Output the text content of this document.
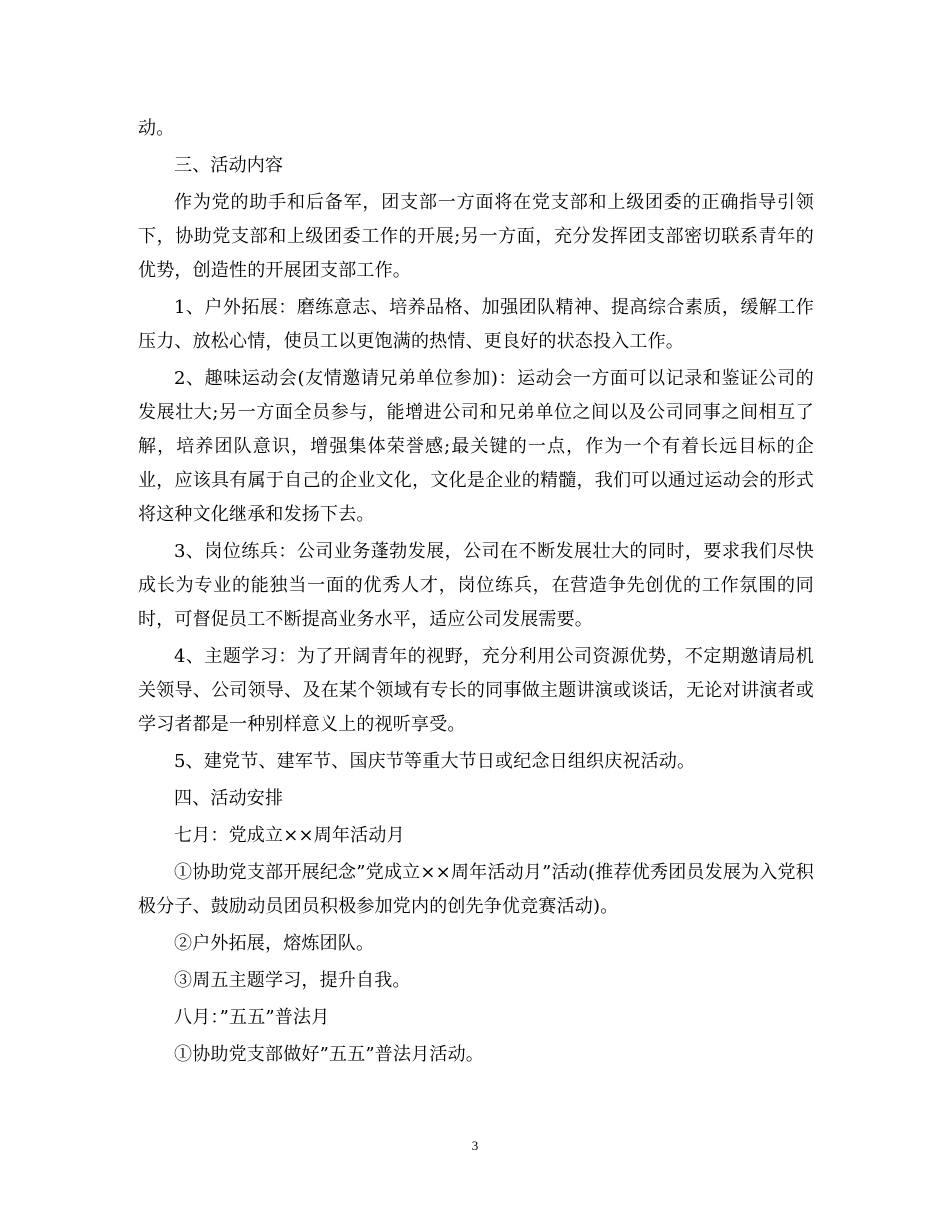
动。

三、活动内容

作为党的助手和后备军，团支部一方面将在党支部和上级团委的正确指导引领下，协助党支部和上级团委工作的开展;另一方面，充分发挥团支部密切联系青年的优势，创造性的开展团支部工作。

1、户外拓展：磨练意志、培养品格、加强团队精神、提高综合素质，缓解工作压力、放松心情，使员工以更饱满的热情、更良好的状态投入工作。

2、趣味运动会(友情邀请兄弟单位参加)：运动会一方面可以记录和鉴证公司的发展壮大;另一方面全员参与，能增进公司和兄弟单位之间以及公司同事之间相互了解，培养团队意识，增强集体荣誉感;最关键的一点，作为一个有着长远目标的企业，应该具有属于自己的企业文化，文化是企业的精髓，我们可以通过运动会的形式将这种文化继承和发扬下去。

3、岗位练兵：公司业务蓬勃发展，公司在不断发展壮大的同时，要求我们尽快成长为专业的能独当一面的优秀人才，岗位练兵，在营造争先创优的工作氛围的同时，可督促员工不断提高业务水平，适应公司发展需要。

4、主题学习：为了开阔青年的视野，充分利用公司资源优势，不定期邀请局机关领导、公司领导、及在某个领域有专长的同事做主题讲演或谈话，无论对讲演者或学习者都是一种别样意义上的视听享受。

5、建党节、建军节、国庆节等重大节日或纪念日组织庆祝活动。

四、活动安排

七月：党成立××周年活动月

①协助党支部开展纪念”党成立××周年活动月”活动(推荐优秀团员发展为入党积极分子、鼓励动员团员积极参加党内的创先争优竞赛活动)。

②户外拓展，熔炼团队。

③周五主题学习，提升自我。

八月：”五五”普法月

①协助党支部做好”五五”普法月活动。

3
